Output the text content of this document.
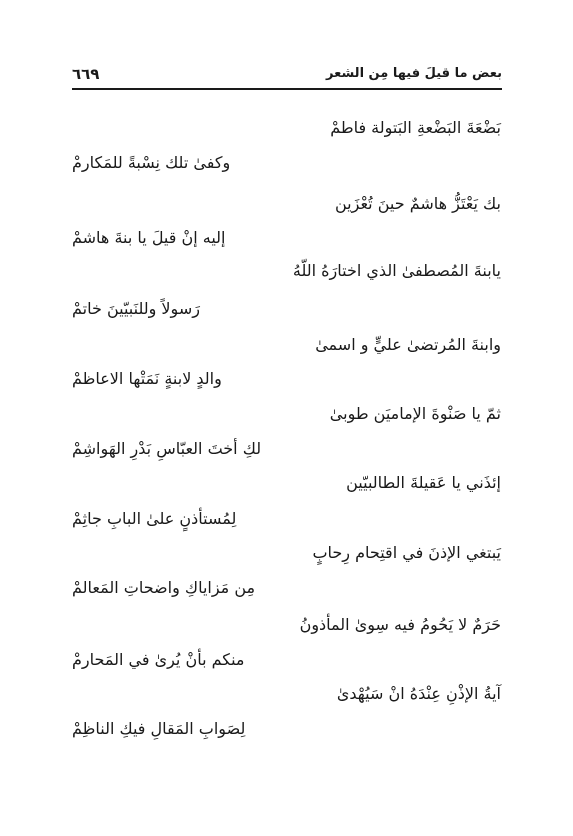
٦٦٩	بعض ما قيلَ فيها مِن الشعر
بَضْعَةَ البَضْعةِ البَتولة فاطمْ
وكفىٰ تلك نِسْبةً للمَكارمْ
بك يَعْتَزُّ هاشمٌ حينَ تُعْزَين
إليه إنْ قيلَ يا بنةَ هاشمْ
يابنةَ المُصطفىٰ الذي اختارَهُ اللّهُ
رَسولاً وللنَبيّينَ خاتمْ
وابنةَ المُرتضىٰ عليٍّ و اسمىٰ
والدٍ لابنةٍ نَمَتْها الاعاظمْ
ثمّ يا صَنْوةَ الإماميَن طوبىٰ
لكِ أختَ العبّاسِ بَدْرِ الهَواشِمْ
إئذَني يا عَقيلةَ الطالبيّين
لِمُستأذنٍ علىٰ البابِ جاثِمْ
يَبتغي الإذنَ في اقتِحام رِحابٍ
مِن مَزاياكِ واضحاتِ المَعالمْ
حَرَمٌ لا يَحُومُ فيه سِوىٰ المأذونُ
منكم بأنْ يُرىٰ في المَحارمْ
آيةُ الإذْنِ عِنْدَهُ انْ سَيُهْدىٰ
لِصَوابِ المَقالِ فيكِ الناظِمْ
